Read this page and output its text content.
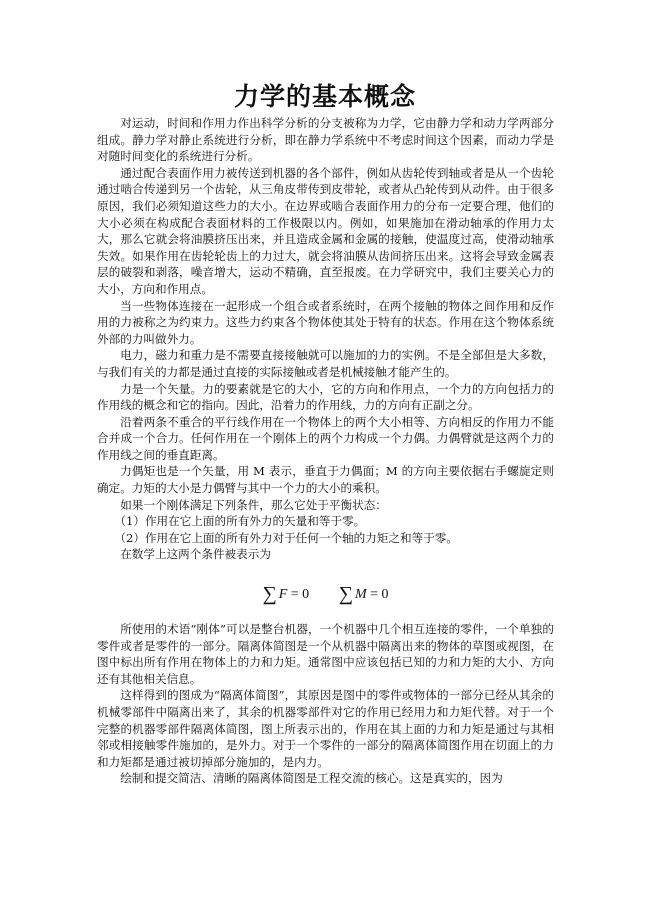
力学的基本概念

对运动，时间和作用力作出科学分析的分支被称为力学，它由静力学和动力学两部分组成。静力学对静止系统进行分析，即在静力学系统中不考虑时间这个因素，而动力学是对随时间变化的系统进行分析。

通过配合表面作用力被传送到机器的各个部件，例如从齿轮传到轴或者是从一个齿轮通过啮合传递到另一个齿轮，从三角皮带传到皮带轮，或者从凸轮传到从动件。由于很多原因，我们必须知道这些力的大小。在边界或啮合表面作用力的分布一定要合理，他们的大小必须在构成配合表面材料的工作极限以内。例如，如果施加在滑动轴承的作用力太大，那么它就会将油膜挤压出来，并且造成金属和金属的接触，使温度过高，使滑动轴承失效。如果作用在齿轮轮齿上的力过大，就会将油膜从齿间挤压出来。这将会导致金属表层的破裂和剥落，噪音增大，运动不精确，直至报废。在力学研究中，我们主要关心力的大小，方向和作用点。

当一些物体连接在一起形成一个组合或者系统时，在两个接触的物体之间作用和反作用的力被称之为约束力。这些力约束各个物体使其处于特有的状态。作用在这个物体系统外部的力叫做外力。

电力，磁力和重力是不需要直接接触就可以施加的力的实例。不是全部但是大多数，与我们有关的力都是通过直接的实际接触或者是机械接触才能产生的。

力是一个矢量。力的要素就是它的大小，它的方向和作用点，一个力的方向包括力的作用线的概念和它的指向。因此，沿着力的作用线，力的方向有正副之分。

沿着两条不重合的平行线作用在一个物体上的两个大小相等、方向相反的作用力不能合并成一个合力。任何作用在一个刚体上的两个力构成一个力偶。力偶臂就是这两个力的作用线之间的垂直距离。

力偶矩也是一个矢量，用 M 表示，垂直于力偶面；M 的方向主要依据右手螺旋定则确定。力矩的大小是力偶臂与其中一个力的大小的乘积。

如果一个刚体满足下列条件，那么它处于平衡状态：

（1）作用在它上面的所有外力的矢量和等于零。

（2）作用在它上面的所有外力对于任何一个轴的力矩之和等于零。

在数学上这两个条件被表示为

∑ F = 0 ∑ M = 0

所使用的术语“刚体”可以是整台机器，一个机器中几个相互连接的零件，一个单独的零件或者是零件的一部分。隔离体简图是一个从机器中隔离出来的物体的草图或视图，在图中标出所有作用在物体上的力和力矩。通常图中应该包括已知的力和力矩的大小、方向还有其他相关信息。

这样得到的图成为“隔离体简图”，其原因是图中的零件或物体的一部分已经从其余的机械零部件中隔离出来了，其余的机器零部件对它的作用已经用力和力矩代替。对于一个完整的机器零部件隔离体简图，图上所表示出的，作用在其上面的力和力矩是通过与其相邻或相接触零件施加的，是外力。对于一个零件的一部分的隔离体简图作用在切面上的力和力矩都是通过被切掉部分施加的，是内力。

绘制和提交简洁、清晰的隔离体简图是工程交流的核心。这是真实的，因为
